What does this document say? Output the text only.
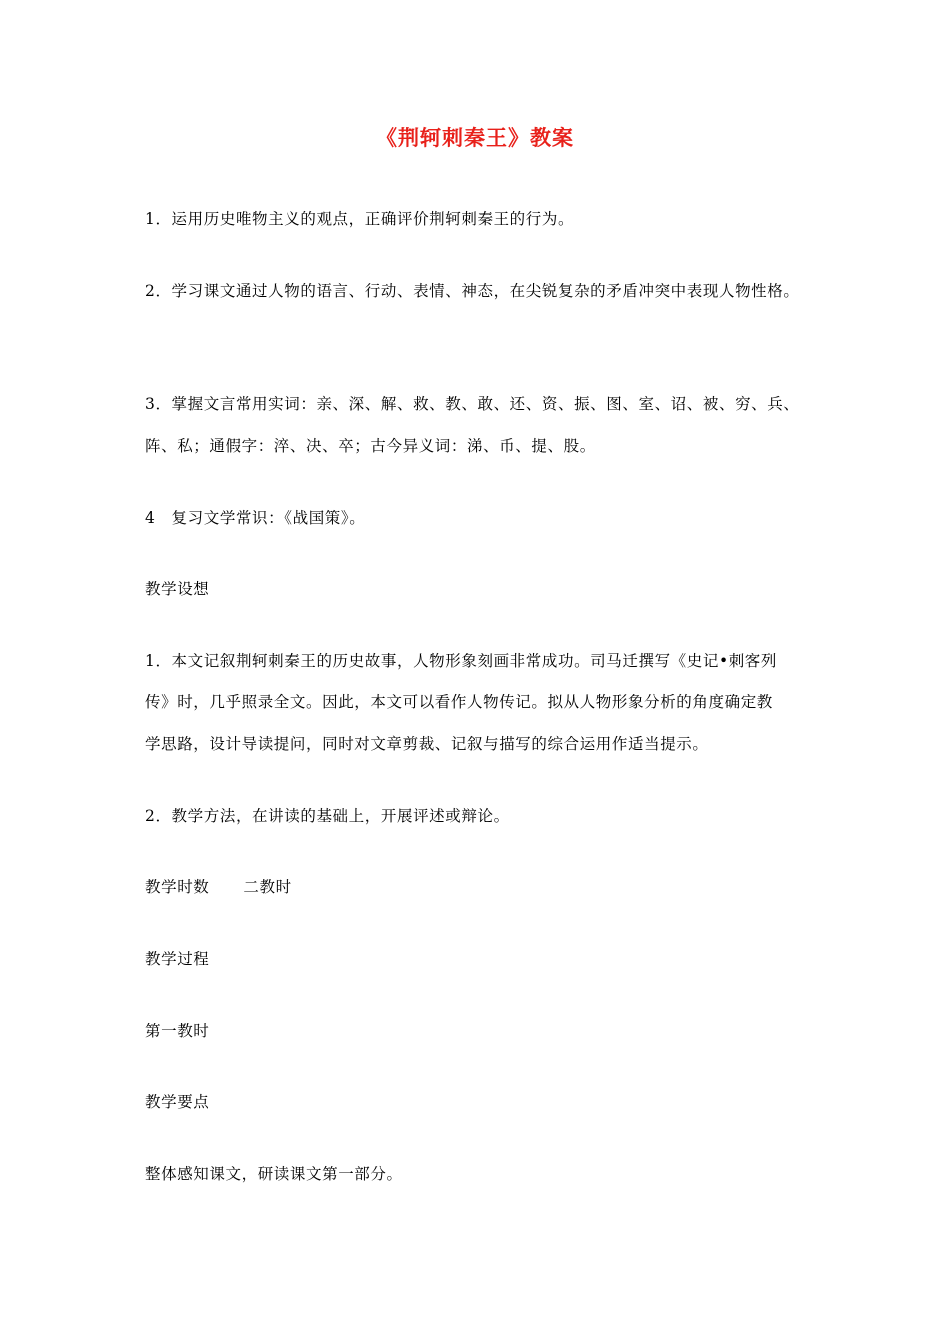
《荆轲刺秦王》教案
1．运用历史唯物主义的观点，正确评价荆轲刺秦王的行为。
2．学习课文通过人物的语言、行动、表情、神态，在尖锐复杂的矛盾冲突中表现人物性格。
3．掌握文言常用实词：亲、深、解、救、教、敢、还、资、振、图、室、诏、被、穷、兵、
阵、私；通假字：淬、决、卒；古今异义词：涕、币、提、股。
4　复习文学常识：《战国策》。
教学设想
1．本文记叙荆轲刺秦王的历史故事，人物形象刻画非常成功。司马迁撰写《史记•刺客列
传》时，几乎照录全文。因此，本文可以看作人物传记。拟从人物形象分析的角度确定教
学思路，设计导读提问，同时对文章剪裁、记叙与描写的综合运用作适当提示。
2．教学方法，在讲读的基础上，开展评述或辩论。
教学时数 二教时
教学过程
第一教时
教学要点
整体感知课文，研读课文第一部分。
